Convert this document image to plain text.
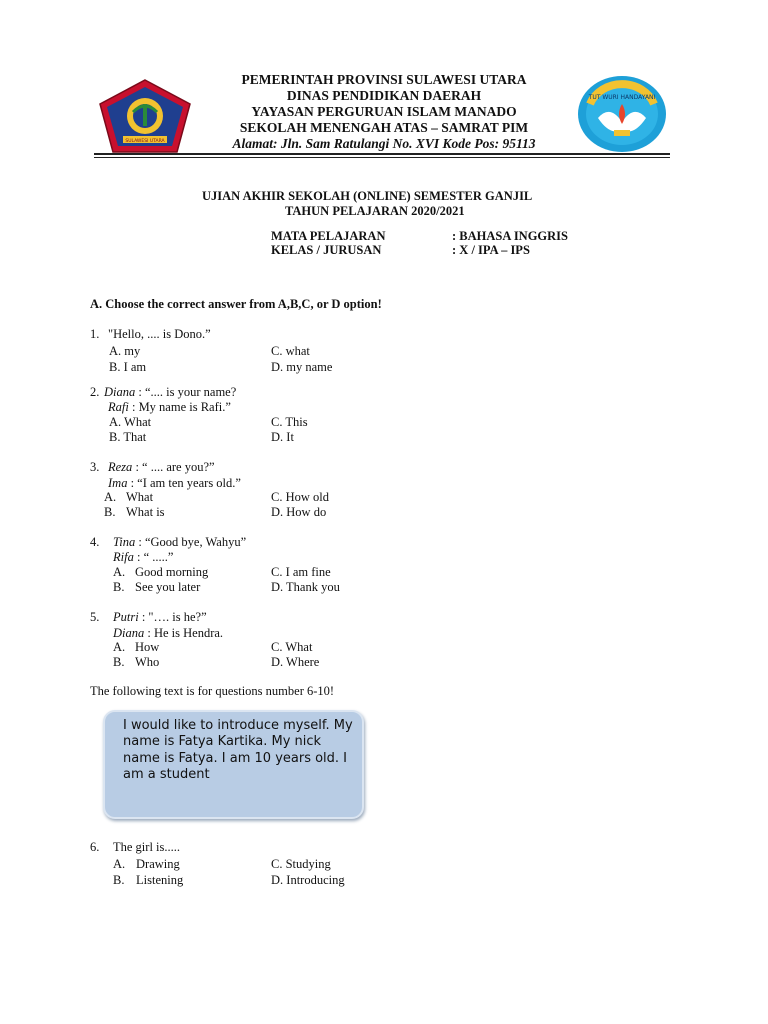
SULAWESI UTARA
PEMERINTAH PROVINSI SULAWESI UTARA
DINAS PENDIDIKAN DAERAH
YAYASAN PERGURUAN ISLAM MANADO
SEKOLAH MENENGAH ATAS – SAMRAT PIM
Alamat: Jln. Sam Ratulangi No. XVI Kode Pos: 95113
TUT WURI HANDAYANI
UJIAN AKHIR SEKOLAH (ONLINE) SEMESTER GANJIL
TAHUN PELAJARAN 2020/2021
MATA PELAJARAN	: BAHASA INGGRIS
KELAS / JURUSAN	: X / IPA – IPS
A. Choose the correct answer from A,B,C, or D option!
1. "Hello, .... is Dono.”
A. my	C. what
B. I am	D. my name
2. Diana : “.... is your name?
Rafi : My name is Rafi.”
A. What	C. This
B. That	D. It
3. Reza : “ .... are you?”
Ima : “I am ten years old.”
A. What	C. How old
B. What is	D. How do
4. Tina : “Good bye, Wahyu”
Rifa : “ .....”
A. Good morning	C. I am fine
B. See you later	D. Thank you
5. Putri : "…. is he?”
Diana : He is Hendra.
A. How	C. What
B. Who	D. Where
The following text is for questions number 6-10!
I would like to introduce myself. My name is Fatya Kartika. My nick name is Fatya. I am 10 years old. I am a student
6. The girl is.....
A. Drawing	C. Studying
B. Listening	D. Introducing
